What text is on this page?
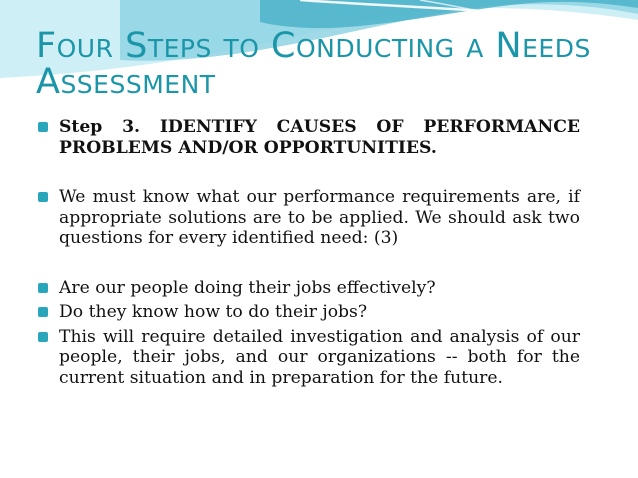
Four Steps to Conducting a Needs Assessment
Step 3. IDENTIFY CAUSES OF PERFORMANCE PROBLEMS AND/OR OPPORTUNITIES.
We must know what our performance requirements are, if appropriate solutions are to be applied. We should ask two questions for every identified need: (3)
Are our people doing their jobs effectively?
Do they know how to do their jobs?
This will require detailed investigation and analysis of our people, their jobs, and our organizations -- both for the current situation and in preparation for the future.
